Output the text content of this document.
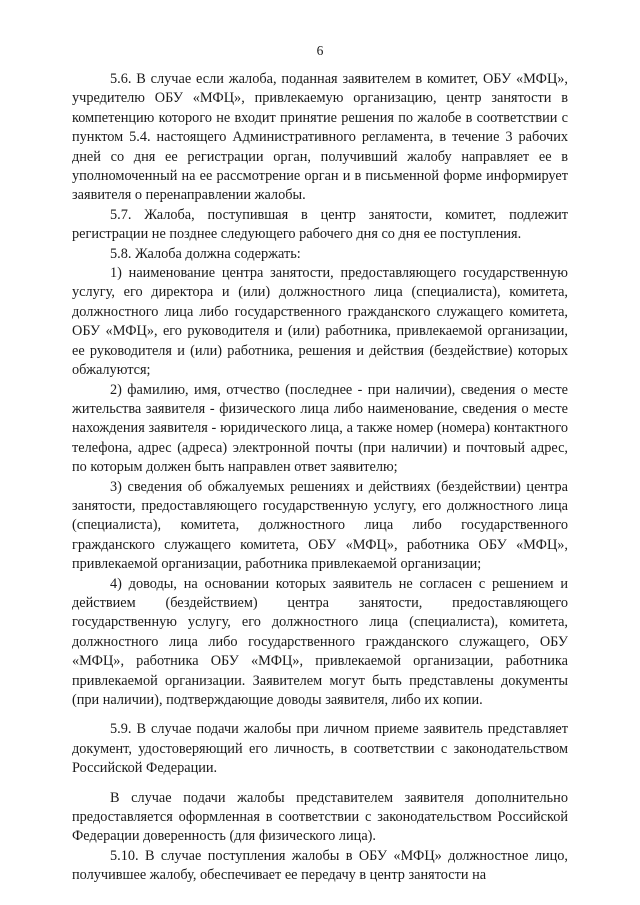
6

5.6. В случае если жалоба, поданная заявителем в комитет, ОБУ «МФЦ», учредителю ОБУ «МФЦ», привлекаемую организацию, центр занятости в компетенцию которого не входит принятие решения по жалобе в соответствии с пунктом 5.4. настоящего Административного регламента, в течение 3 рабочих дней со дня ее регистрации орган, получивший жалобу направляет ее в уполномоченный на ее рассмотрение орган и в письменной форме информирует заявителя о перенаправлении жалобы.

5.7. Жалоба, поступившая в центр занятости, комитет, подлежит регистрации не позднее следующего рабочего дня со дня ее поступления.

5.8. Жалоба должна содержать:

1) наименование центра занятости, предоставляющего государственную услугу, его директора и (или) должностного лица (специалиста), комитета, должностного лица либо государственного гражданского служащего комитета, ОБУ «МФЦ», его руководителя и (или) работника, привлекаемой организации, ее руководителя и (или) работника, решения и действия (бездействие) которых обжалуются;

2) фамилию, имя, отчество (последнее - при наличии), сведения о месте жительства заявителя - физического лица либо наименование, сведения о месте нахождения заявителя - юридического лица, а также номер (номера) контактного телефона, адрес (адреса) электронной почты (при наличии) и почтовый адрес, по которым должен быть направлен ответ заявителю;

3) сведения об обжалуемых решениях и действиях (бездействии) центра занятости, предоставляющего государственную услугу, его должностного лица (специалиста), комитета, должностного лица либо государственного гражданского служащего комитета, ОБУ «МФЦ», работника ОБУ «МФЦ», привлекаемой организации, работника привлекаемой организации;

4) доводы, на основании которых заявитель не согласен с решением и действием (бездействием) центра занятости, предоставляющего государственную услугу, его должностного лица (специалиста), комитета, должностного лица либо государственного гражданского служащего, ОБУ «МФЦ», работника ОБУ «МФЦ», привлекаемой организации, работника привлекаемой организации. Заявителем могут быть представлены документы (при наличии), подтверждающие доводы заявителя, либо их копии.

5.9. В случае подачи жалобы при личном приеме заявитель представляет документ, удостоверяющий его личность, в соответствии с законодательством Российской Федерации.

В случае подачи жалобы представителем заявителя дополнительно предоставляется оформленная в соответствии с законодательством Российской Федерации доверенность (для физического лица).

5.10. В случае поступления жалобы в ОБУ «МФЦ» должностное лицо, получившее жалобу, обеспечивает ее передачу в центр занятости на
